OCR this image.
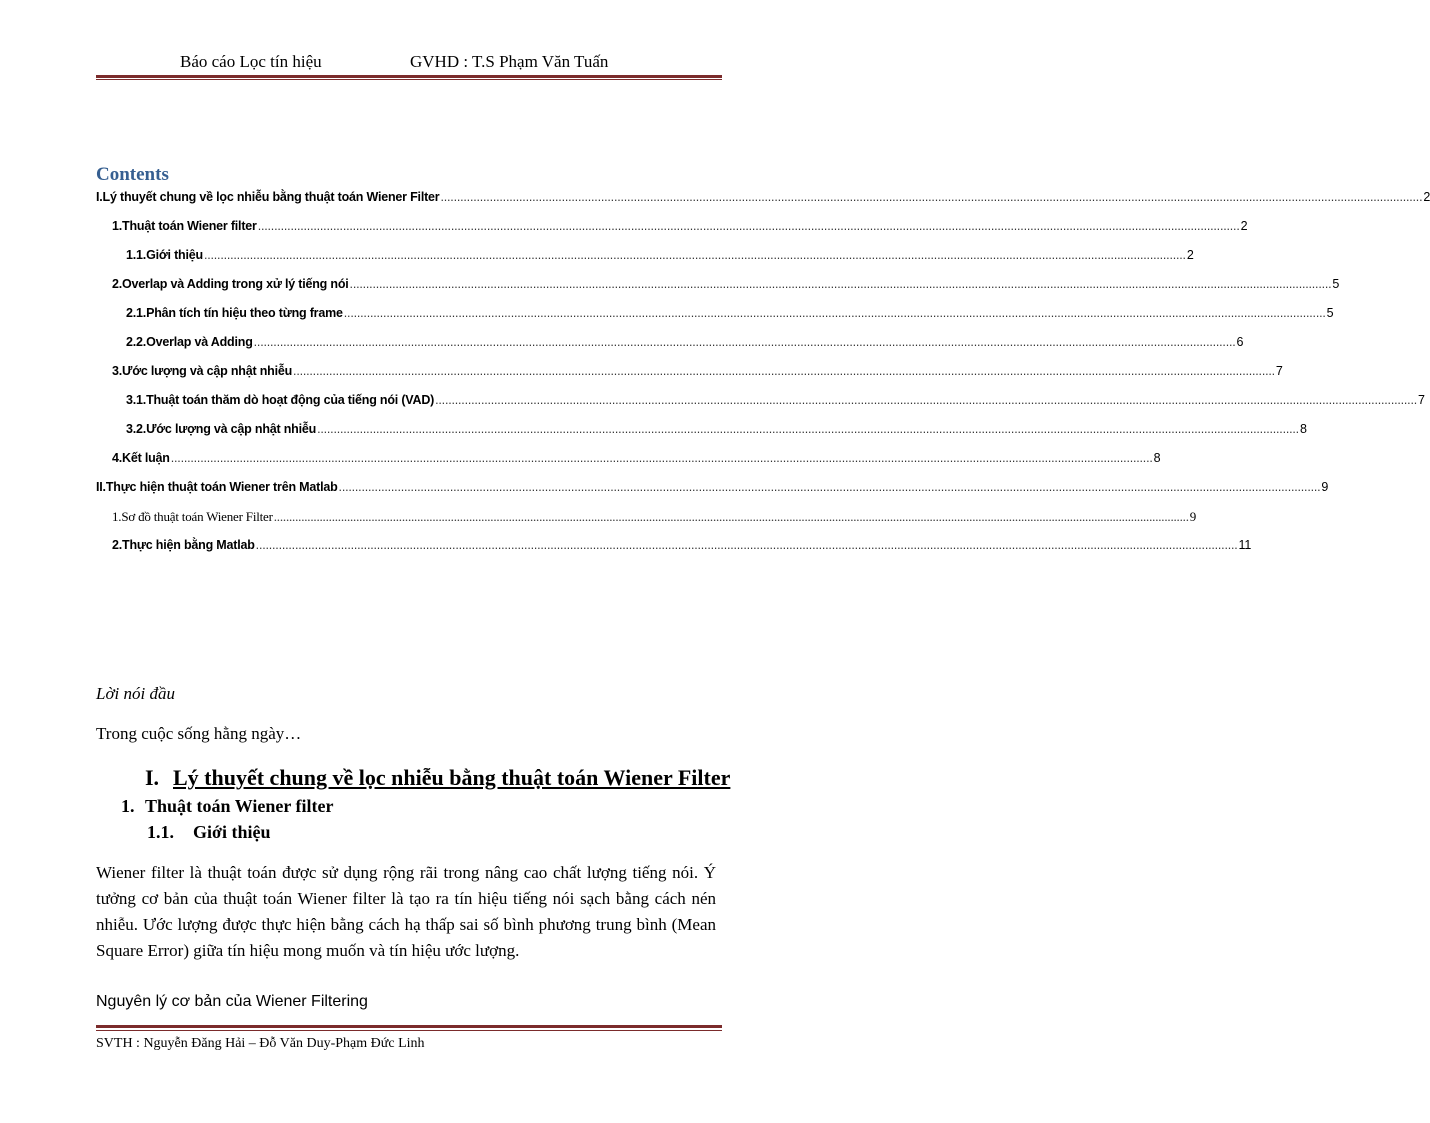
Báo cáo Lọc tín hiệu	GVHD : T.S Phạm Văn Tuấn
Contents
I. Lý thuyết chung về lọc nhiễu bằng thuật toán Wiener Filter ............................................................................................................................................................................................................................................................................................................ 2
1. Thuật toán Wiener filter ............................................................................................................................................................................................................................................................................................................ 2
1.1. Giới thiệu ............................................................................................................................................................................................................................................................................................................ 2
2. Overlap và Adding trong xử lý tiếng nói ............................................................................................................................................................................................................................................................................................................ 5
2.1. Phân tích tín hiệu theo từng frame ............................................................................................................................................................................................................................................................................................................ 5
2.2. Overlap và Adding ............................................................................................................................................................................................................................................................................................................ 6
3. Ước lượng và cập nhật nhiễu ............................................................................................................................................................................................................................................................................................................ 7
3.1. Thuật toán thăm dò hoạt động của tiếng nói (VAD) ............................................................................................................................................................................................................................................................................................................ 7
3.2. Ước lượng và cập nhật nhiễu ............................................................................................................................................................................................................................................................................................................ 8
4. Kết luận ............................................................................................................................................................................................................................................................................................................ 8
II. Thực hiện thuật toán Wiener trên Matlab ............................................................................................................................................................................................................................................................................................................ 9
1. Sơ đồ thuật toán Wiener Filter ............................................................................................................................................................................................................................................................................................................ 9
2. Thực hiện bằng Matlab ............................................................................................................................................................................................................................................................................................................ 11
Lời nói đầu
Trong cuộc sống hằng ngày…
I. Lý thuyết chung về lọc nhiễu bằng thuật toán Wiener Filter
1. Thuật toán Wiener filter
1.1. Giới thiệu
Wiener filter là thuật toán được sử dụng rộng rãi trong nâng cao chất lượng tiếng nói. Ý tưởng cơ bản của thuật toán Wiener filter là tạo ra tín hiệu tiếng nói sạch bằng cách nén nhiễu. Ước lượng được thực hiện bằng cách hạ thấp sai số bình phương trung bình (Mean Square Error) giữa tín hiệu mong muốn và tín hiệu ước lượng.
Nguyên lý cơ bản của Wiener Filtering
SVTH : Nguyễn Đăng Hải – Đỗ Văn Duy-Phạm Đức Linh
